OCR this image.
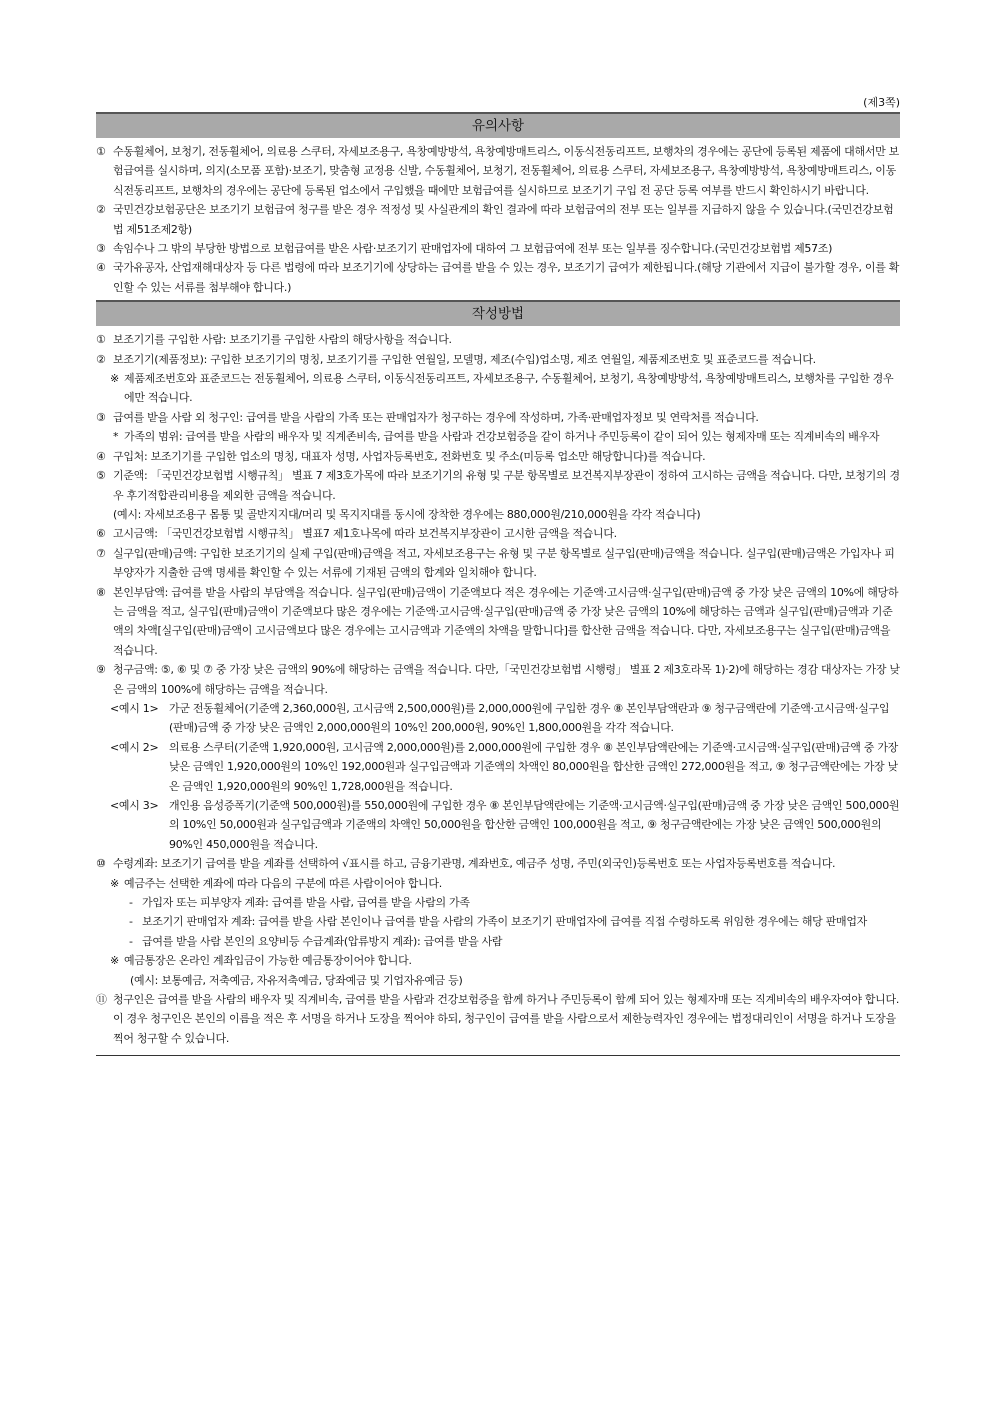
(제3쪽)
유의사항
① 수동휠체어, 보청기, 전동휠체어, 의료용 스쿠터, 자세보조용구, 욕창예방방석, 욕창예방매트리스, 이동식전동리프트, 보행차의 경우에는 공단에 등록된 제품에 대해서만 보험급여를 실시하며, 의지(소모품 포함)·보조기, 맞춤형 교정용 신발, 수동휠체어, 보청기, 전동휠체어, 의료용 스쿠터, 자세보조용구, 욕창예방방석, 욕창예방매트리스, 이동식전동리프트, 보행차의 경우에는 공단에 등록된 업소에서 구입했을 때에만 보험급여를 실시하므로 보조기기 구입 전 공단 등록 여부를 반드시 확인하시기 바랍니다.
② 국민건강보험공단은 보조기기 보험급여 청구를 받은 경우 적정성 및 사실관계의 확인 결과에 따라 보험급여의 전부 또는 일부를 지급하지 않을 수 있습니다.(국민건강보험법 제51조제2항)
③ 속임수나 그 밖의 부당한 방법으로 보험급여를 받은 사람·보조기기 판매업자에 대하여 그 보험급여에 전부 또는 일부를 징수합니다.(국민건강보험법 제57조)
④ 국가유공자, 산업재해대상자 등 다른 법령에 따라 보조기기에 상당하는 급여를 받을 수 있는 경우, 보조기기 급여가 제한됩니다.(해당 기관에서 지급이 불가할 경우, 이를 확인할 수 있는 서류를 첨부해야 합니다.)
작성방법
① 보조기기를 구입한 사람: 보조기기를 구입한 사람의 해당사항을 적습니다.
② 보조기기(제품정보): 구입한 보조기기의 명칭, 보조기기를 구입한 연월일, 모델명, 제조(수입)업소명, 제조 연월일, 제품제조번호 및 표준코드를 적습니다.
※ 제품제조번호와 표준코드는 전동휠체어, 의료용 스쿠터, 이동식전동리프트, 자세보조용구, 수동휠체어, 보청기, 욕창예방방석, 욕창예방매트리스, 보행차를 구입한 경우에만 적습니다.
③ 급여를 받을 사람 외 청구인: 급여를 받을 사람의 가족 또는 판매업자가 청구하는 경우에 작성하며, 가족·판매업자정보 및 연락처를 적습니다.
* 가족의 범위: 급여를 받을 사람의 배우자 및 직계존비속, 급여를 받을 사람과 건강보험증을 같이 하거나 주민등록이 같이 되어 있는 형제자매 또는 직계비속의 배우자
④ 구입처: 보조기기를 구입한 업소의 명칭, 대표자 성명, 사업자등록번호, 전화번호 및 주소(미등록 업소만 해당합니다)를 적습니다.
⑤ 기준액: 「국민건강보험법 시행규칙」 별표 7 제3호가목에 따라 보조기기의 유형 및 구분 항목별로 보건복지부장관이 정하여 고시하는 금액을 적습니다. 다만, 보청기의 경우 후기적합관리비용을 제외한 금액을 적습니다.
(예시: 자세보조용구 몸통 및 골반지지대/머리 및 목지지대를 동시에 장착한 경우에는 880,000원/210,000원을 각각 적습니다)
⑥ 고시금액: 「국민건강보험법 시행규칙」 별표7 제1호나목에 따라 보건복지부장관이 고시한 금액을 적습니다.
⑦ 실구입(판매)금액: 구입한 보조기기의 실제 구입(판매)금액을 적고, 자세보조용구는 유형 및 구분 항목별로 실구입(판매)금액을 적습니다. 실구입(판매)금액은 가입자나 피부양자가 지출한 금액 명세를 확인할 수 있는 서류에 기재된 금액의 합계와 일치해야 합니다.
⑧ 본인부담액: 급여를 받을 사람의 부담액을 적습니다. 실구입(판매)금액이 기준액보다 적은 경우에는 기준액·고시금액·실구입(판매)금액 중 가장 낮은 금액의 10%에 해당하는 금액을 적고, 실구입(판매)금액이 기준액보다 많은 경우에는 기준액·고시금액·실구입(판매)금액 중 가장 낮은 금액의 10%에 해당하는 금액과 실구입(판매)금액과 기준액의 차액[실구입(판매)금액이 고시금액보다 많은 경우에는 고시금액과 기준액의 차액을 말합니다]를 합산한 금액을 적습니다. 다만, 자세보조용구는 실구입(판매)금액을 적습니다.
⑨ 청구금액: ⑤, ⑥ 및 ⑦ 중 가장 낮은 금액의 90%에 해당하는 금액을 적습니다. 다만,「국민건강보험법 시행령」 별표 2 제3호라목 1)·2)에 해당하는 경감 대상자는 가장 낮은 금액의 100%에 해당하는 금액을 적습니다.
<예시 1> 가군 전동휠체어(기준액 2,360,000원, 고시금액 2,500,000원)를 2,000,000원에 구입한 경우 ⑧ 본인부담액란과 ⑨ 청구금액란에 기준액·고시금액·실구입(판매)금액 중 가장 낮은 금액인 2,000,000원의 10%인 200,000원, 90%인 1,800,000원을 각각 적습니다.
<예시 2> 의료용 스쿠터(기준액 1,920,000원, 고시금액 2,000,000원)를 2,000,000원에 구입한 경우 ⑧ 본인부담액란에는 기준액·고시금액·실구입(판매)금액 중 가장 낮은 금액인 1,920,000원의 10%인 192,000원과 실구입금액과 기준액의 차액인 80,000원을 합산한 금액인 272,000원을 적고, ⑨ 청구금액란에는 가장 낮은 금액인 1,920,000원의 90%인 1,728,000원을 적습니다.
<예시 3> 개인용 음성증폭기(기준액 500,000원)를 550,000원에 구입한 경우 ⑧ 본인부담액란에는 기준액·고시금액·실구입(판매)금액 중 가장 낮은 금액인 500,000원의 10%인 50,000원과 실구입금액과 기준액의 차액인 50,000원을 합산한 금액인 100,000원을 적고, ⑨ 청구금액란에는 가장 낮은 금액인 500,000원의 90%인 450,000원을 적습니다.
⑩ 수령계좌: 보조기기 급여를 받을 계좌를 선택하여 √표시를 하고, 금융기관명, 계좌번호, 예금주 성명, 주민(외국인)등록번호 또는 사업자등록번호를 적습니다.
※ 예금주는 선택한 계좌에 따라 다음의 구분에 따른 사람이어야 합니다.
- 가입자 또는 피부양자 계좌: 급여를 받을 사람, 급여를 받을 사람의 가족
- 보조기기 판매업자 계좌: 급여를 받을 사람 본인이나 급여를 받을 사람의 가족이 보조기기 판매업자에 급여를 직접 수령하도록 위임한 경우에는 해당 판매업자
- 급여를 받을 사람 본인의 요양비등 수급계좌(압류방지 계좌): 급여를 받을 사람
※ 예금통장은 온라인 계좌입금이 가능한 예금통장이어야 합니다.
(예시: 보통예금, 저축예금, 자유저축예금, 당좌예금 및 기업자유예금 등)
⑪ 청구인은 급여를 받을 사람의 배우자 및 직계비속, 급여를 받을 사람과 건강보험증을 함께 하거나 주민등록이 함께 되어 있는 형제자매 또는 직계비속의 배우자여야 합니다. 이 경우 청구인은 본인의 이름을 적은 후 서명을 하거나 도장을 찍어야 하되, 청구인이 급여를 받을 사람으로서 제한능력자인 경우에는 법정대리인이 서명을 하거나 도장을 찍어 청구할 수 있습니다.
